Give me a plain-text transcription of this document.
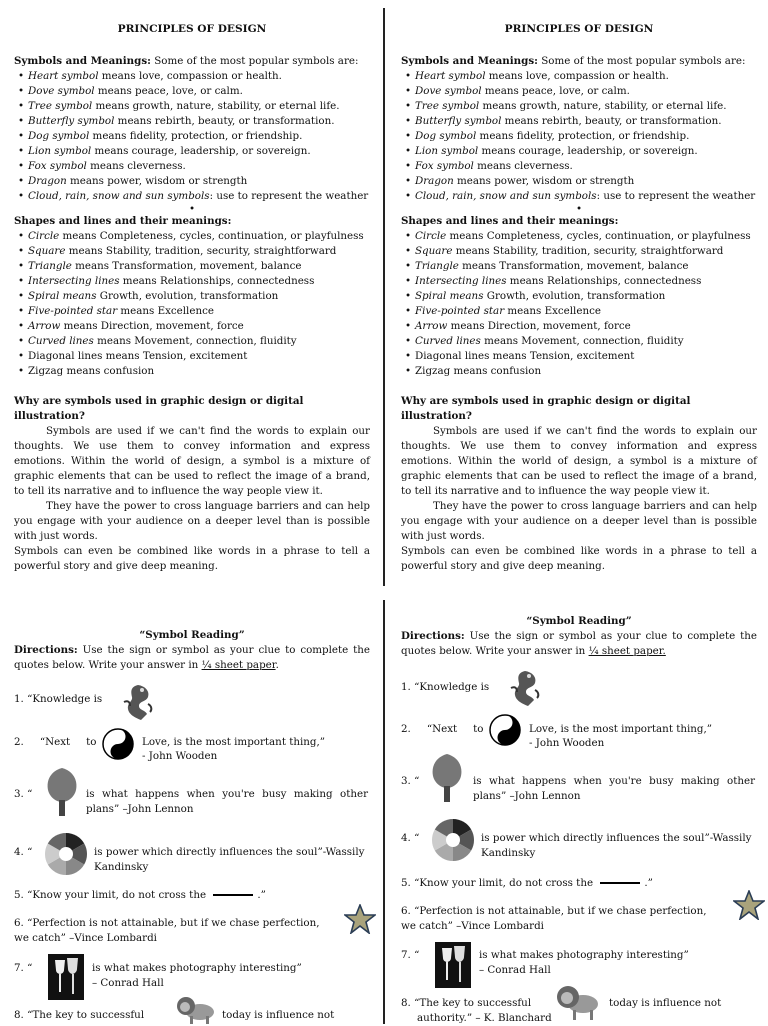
PRINCIPLES OF DESIGN

Symbols and Meanings: Some of the most popular symbols are:

• Heart symbol means love, compassion or health.
• Dove symbol means peace, love, or calm.
• Tree symbol means growth, nature, stability, or eternal life.
• Butterfly symbol means rebirth, beauty, or transformation.
• Dog symbol means fidelity, protection, or friendship.
• Lion symbol means courage, leadership, or sovereign.
• Fox symbol means cleverness.
• Dragon means power, wisdom or strength
• Cloud, rain, snow and sun symbols: use to represent the weather
•

Shapes and lines and their meanings:

• Circle means Completeness, cycles, continuation, or playfulness
• Square means Stability, tradition, security, straightforward
• Triangle means Transformation, movement, balance
• Intersecting lines means Relationships, connectedness
• Spiral means Growth, evolution, transformation
• Five-pointed star means Excellence
• Arrow means Direction, movement, force
• Curved lines means Movement, connection, fluidity
• Diagonal lines means Tension, excitement
• Zigzag means confusion

Why are symbols used in graphic design or digital illustration?

Symbols are used if we can't find the words to explain our thoughts. We use them to convey information and express emotions. Within the world of design, a symbol is a mixture of graphic elements that can be used to reflect the image of a brand, to tell its narrative and to influence the way people view it.

They have the power to cross language barriers and can help you engage with your audience on a deeper level than is possible with just words.

Symbols can even be combined like words in a phrase to tell a powerful story and give deep meaning.

PRINCIPLES OF DESIGN

Symbols and Meanings: Some of the most popular symbols are:

• Heart symbol means love, compassion or health.
• Dove symbol means peace, love, or calm.
• Tree symbol means growth, nature, stability, or eternal life.
• Butterfly symbol means rebirth, beauty, or transformation.
• Dog symbol means fidelity, protection, or friendship.
• Lion symbol means courage, leadership, or sovereign.
• Fox symbol means cleverness.
• Dragon means power, wisdom or strength
• Cloud, rain, snow and sun symbols: use to represent the weather
•

Shapes and lines and their meanings:

• Circle means Completeness, cycles, continuation, or playfulness
• Square means Stability, tradition, security, straightforward
• Triangle means Transformation, movement, balance
• Intersecting lines means Relationships, connectedness
• Spiral means Growth, evolution, transformation
• Five-pointed star means Excellence
• Arrow means Direction, movement, force
• Curved lines means Movement, connection, fluidity
• Diagonal lines means Tension, excitement
• Zigzag means confusion

Why are symbols used in graphic design or digital illustration?

Symbols are used if we can't find the words to explain our thoughts. We use them to convey information and express emotions. Within the world of design, a symbol is a mixture of graphic elements that can be used to reflect the image of a brand, to tell its narrative and to influence the way people view it.

They have the power to cross language barriers and can help you engage with your audience on a deeper level than is possible with just words.

Symbols can even be combined like words in a phrase to tell a powerful story and give deep meaning.

“Symbol Reading”

Directions: Use the sign or symbol as your clue to complete the quotes below. Write your answer in ¼ sheet paper.

1. “Knowledge is
2. “Next to	Love, is the most important thing,”
- John Wooden
3. “	is what happens when you're busy making other plans” –John Lennon
4. “	is power which directly influences the soul”-Wassily Kandinsky
5. “Know your limit, do not cross the	.”
6. “Perfection is not attainable, but if we chase perfection, we catch” –Vince Lombardi
7. “	is what makes photography interesting”
– Conrad Hall
8. “The key to successful	today is influence not

“Symbol Reading”

Directions: Use the sign or symbol as your clue to complete the quotes below. Write your answer in ¼ sheet paper.

1. “Knowledge is
2. “Next to	Love, is the most important thing,”
- John Wooden
3. “	is what happens when you're busy making other plans” –John Lennon
4. “	is power which directly influences the soul”-Wassily Kandinsky
5. “Know your limit, do not cross the	.”
6. “Perfection is not attainable, but if we chase perfection, we catch” –Vince Lombardi
7. “	is what makes photography interesting”
– Conrad Hall
8. “The key to successful	today is influence not
authority.” – K. Blanchard
